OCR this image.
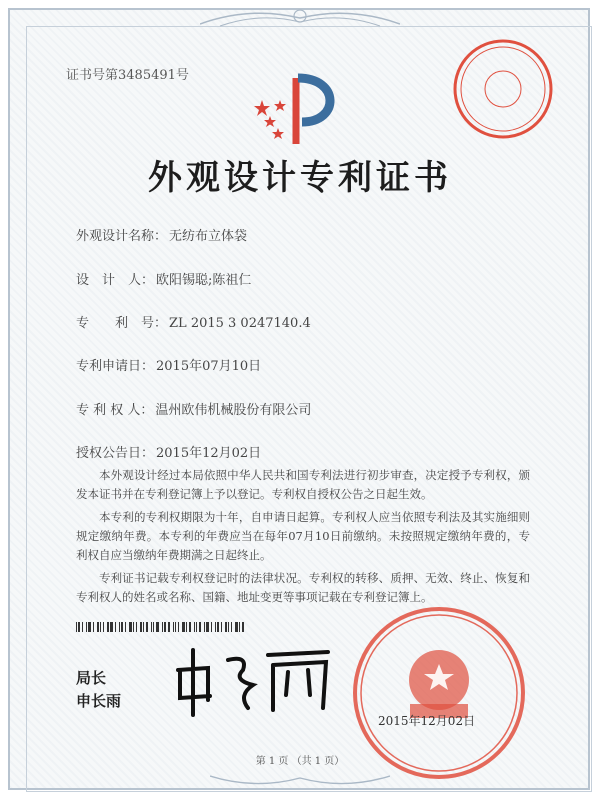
证书号第3485491号
外观设计专利证书
外观设计名称： 无纺布立体袋
设　计　人： 欧阳锡聪;陈祖仁
专　　利　号： ZL 2015 3 0247140.4
专利申请日： 2015年07月10日
专 利 权 人： 温州欧伟机械股份有限公司
授权公告日： 2015年12月02日

本外观设计经过本局依照中华人民共和国专利法进行初步审查，决定授予专利权，颁发本证书并在专利登记簿上予以登记。专利权自授权公告之日起生效。

本专利的专利权期限为十年，自申请日起算。专利权人应当依照专利法及其实施细则规定缴纳年费。本专利的年费应当在每年07月10日前缴纳。未按照规定缴纳年费的，专利权自应当缴纳年费期满之日起终止。

专利证书记载专利权登记时的法律状况。专利权的转移、质押、无效、终止、恢复和专利权人的姓名或名称、国籍、地址变更等事项记载在专利登记簿上。

局长
申长雨
2015年12月02日
第 1 页 （共 1 页）
